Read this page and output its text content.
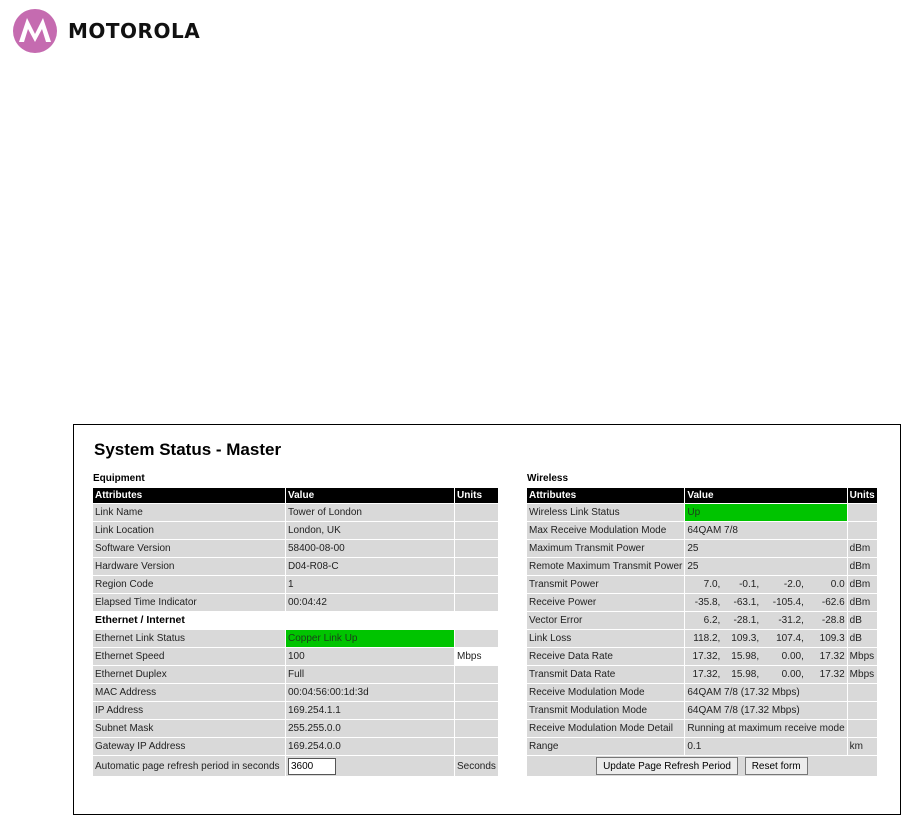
MOTOROLA
System Status - Master
Equipment
Attributes	Value	Units
Link Name	Tower of London	
Link Location	London, UK	
Software Version	58400-08-00	
Hardware Version	D04-R08-C	
Region Code	1	
Elapsed Time Indicator	00:04:42	
Ethernet / Internet		
Ethernet Link Status	Copper Link Up	
Ethernet Speed	100	Mbps
Ethernet Duplex	Full	
MAC Address	00:04:56:00:1d:3d	
IP Address	169.254.1.1	
Subnet Mask	255.255.0.0	
Gateway IP Address	169.254.0.0	
Automatic page refresh period in seconds	3600	Seconds
Wireless
Attributes	Value	Units
Wireless Link Status	Up	
Max Receive Modulation Mode	64QAM 7/8	
Maximum Transmit Power	25	dBm
Remote Maximum Transmit Power	25	dBm
Transmit Power	7.0, -0.1, -2.0, 0.0	dBm
Receive Power	-35.8, -63.1, -105.4, -62.6	dBm
Vector Error	6.2, -28.1, -31.2, -28.8	dB
Link Loss	118.2, 109.3, 107.4, 109.3	dB
Receive Data Rate	17.32, 15.98, 0.00, 17.32	Mbps
Transmit Data Rate	17.32, 15.98, 0.00, 17.32	Mbps
Receive Modulation Mode	64QAM 7/8 (17.32 Mbps)	
Transmit Modulation Mode	64QAM 7/8 (17.32 Mbps)	
Receive Modulation Mode Detail	Running at maximum receive mode	
Range	0.1	km
Update Page Refresh Period Reset form		
